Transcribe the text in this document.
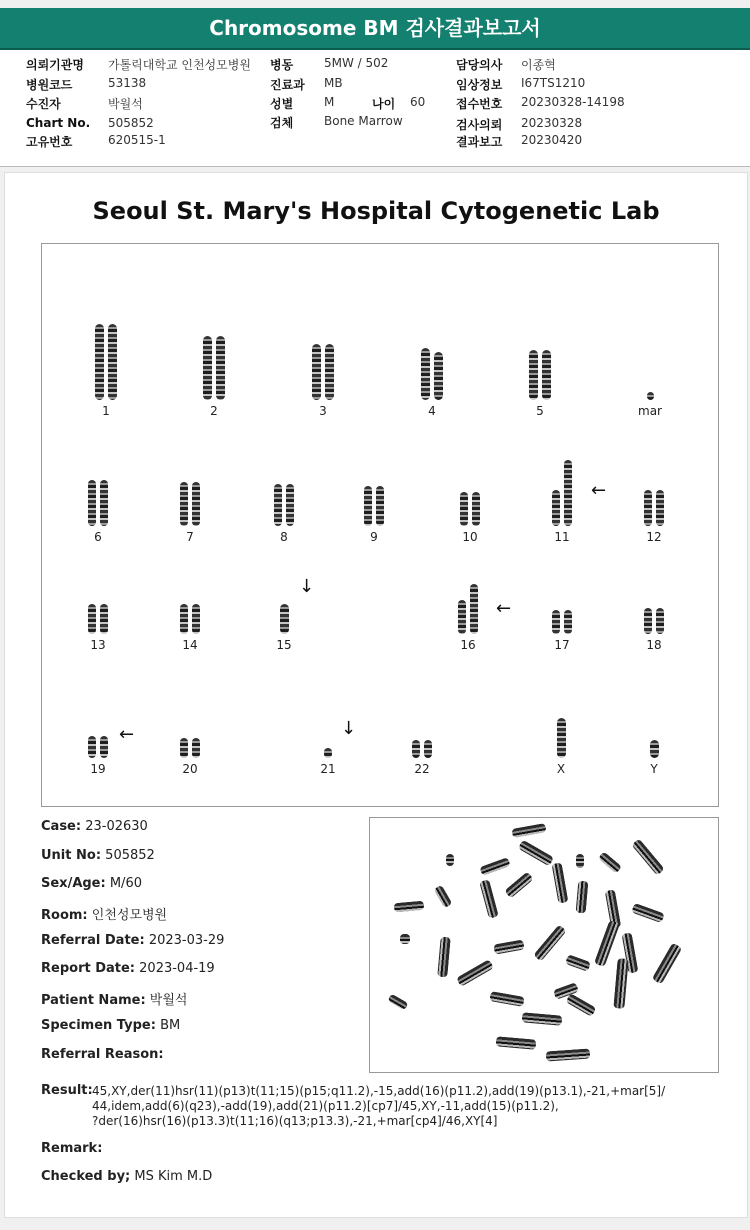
Chromosome BM 검사결과보고서
의뢰기관명 가톨릭대학교 인천성모병원
병원코드	53138
수진자	박월석
Chart No. 505852
고유번호	620515-1
병동	5MW / 502
진료과 MB
성별	M	나이 60
검체	Bone Marrow
담당의사 이종혁
임상정보 I67TS1210
접수번호 20230328-14198
검사의뢰 20230328
결과보고 20230420
Seoul St. Mary's Hospital Cytogenetic Lab
←
↓
←
←	↓
1	2	3	4	5	mar
6	7	8	9	10	11	12
13	14	15	16	17	18
19	20	21	22	X	Y
Case: 23-02630
Unit No: 505852
Sex/Age: M/60
Room: 인천성모병원
Referral Date: 2023-03-29
Report Date: 2023-04-19
Patient Name: 박월석
Specimen Type: BM
Referral Reason:
Result: 45,XY,der(11)hsr(11)(p13)t(11;15)(p15;q11.2),-15,add(16)(p11.2),add(19)(p13.1),-21,+mar[5]/
44,idem,add(6)(q23),-add(19),add(21)(p11.2)[cp7]/45,XY,-11,add(15)(p11.2),
?der(16)hsr(16)(p13.3)t(11;16)(q13;p13.3),-21,+mar[cp4]/46,XY[4]
Remark:
Checked by; MS Kim M.D
